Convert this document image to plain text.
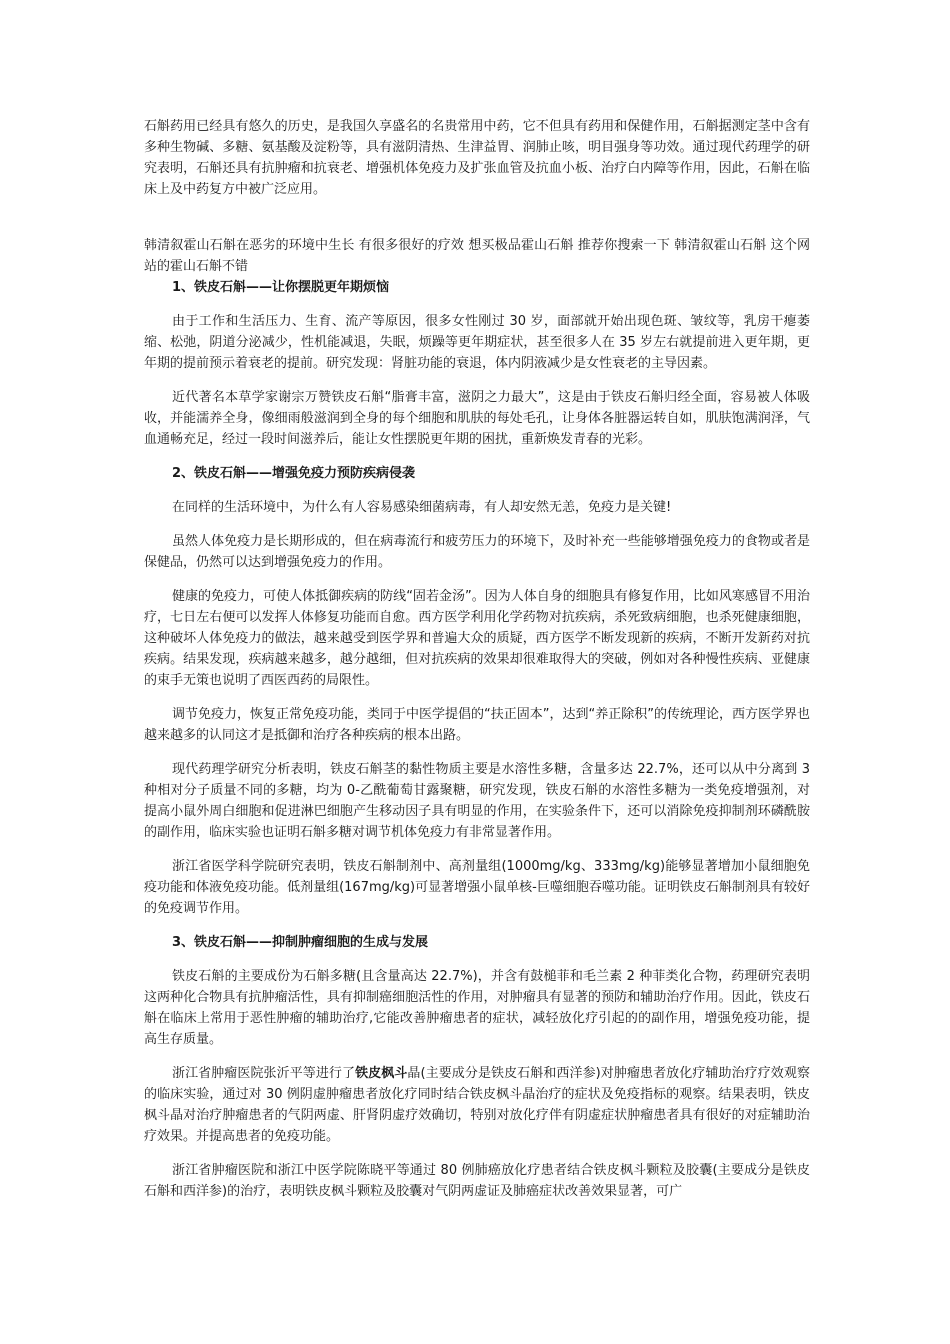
石斛药用已经具有悠久的历史，是我国久享盛名的名贵常用中药，它不但具有药用和保健作用，石斛据测定茎中含有多种生物碱、多糖、氨基酸及淀粉等，具有滋阴清热、生津益胃、润肺止咳，明目强身等功效。通过现代药理学的研究表明，石斛还具有抗肿瘤和抗衰老、增强机体免疫力及扩张血管及抗血小板、治疗白内障等作用，因此，石斛在临床上及中药复方中被广泛应用。

韩清叙霍山石斛在恶劣的环境中生长 有很多很好的疗效 想买极品霍山石斛 推荐你搜索一下 韩清叙霍山石斛 这个网站的霍山石斛不错

1、铁皮石斛——让你摆脱更年期烦恼

由于工作和生活压力、生育、流产等原因，很多女性刚过 30 岁，面部就开始出现色斑、皱纹等，乳房干瘪萎缩、松弛，阴道分泌减少，性机能减退，失眠，烦躁等更年期症状，甚至很多人在 35 岁左右就提前进入更年期，更年期的提前预示着衰老的提前。研究发现：肾脏功能的衰退，体内阴液减少是女性衰老的主导因素。

近代著名本草学家谢宗万赞铁皮石斛“脂膏丰富，滋阴之力最大”，这是由于铁皮石斛归经全面，容易被人体吸收，并能濡养全身，像细雨般滋润到全身的每个细胞和肌肤的每处毛孔，让身体各脏器运转自如，肌肤饱满润泽，气血通畅充足，经过一段时间滋养后，能让女性摆脱更年期的困扰，重新焕发青春的光彩。

2、铁皮石斛——增强免疫力预防疾病侵袭

在同样的生活环境中，为什么有人容易感染细菌病毒，有人却安然无恙，免疫力是关键!

虽然人体免疫力是长期形成的，但在病毒流行和疲劳压力的环境下，及时补充一些能够增强免疫力的食物或者是保健品，仍然可以达到增强免疫力的作用。

健康的免疫力，可使人体抵御疾病的防线“固若金汤”。因为人体自身的细胞具有修复作用，比如风寒感冒不用治疗，七日左右便可以发挥人体修复功能而自愈。西方医学利用化学药物对抗疾病，杀死致病细胞，也杀死健康细胞，这种破坏人体免疫力的做法，越来越受到医学界和普遍大众的质疑，西方医学不断发现新的疾病，不断开发新药对抗疾病。结果发现，疾病越来越多，越分越细，但对抗疾病的效果却很难取得大的突破，例如对各种慢性疾病、亚健康的束手无策也说明了西医西药的局限性。

调节免疫力，恢复正常免疫功能，类同于中医学提倡的“扶正固本”，达到“养正除积”的传统理论，西方医学界也越来越多的认同这才是抵御和治疗各种疾病的根本出路。

现代药理学研究分析表明，铁皮石斛茎的黏性物质主要是水溶性多糖，含量多达 22.7%，还可以从中分离到 3 种相对分子质量不同的多糖，均为 0-乙酰葡萄甘露聚糖，研究发现，铁皮石斛的水溶性多糖为一类免疫增强剂，对提高小鼠外周白细胞和促进淋巴细胞产生移动因子具有明显的作用，在实验条件下，还可以消除免疫抑制剂环磷酰胺的副作用，临床实验也证明石斛多糖对调节机体免疫力有非常显著作用。

浙江省医学科学院研究表明，铁皮石斛制剂中、高剂量组(1000mg/kg、333mg/kg)能够显著增加小鼠细胞免疫功能和体液免疫功能。低剂量组(167mg/kg)可显著增强小鼠单核-巨噬细胞吞噬功能。证明铁皮石斛制剂具有较好的免疫调节作用。

3、铁皮石斛——抑制肿瘤细胞的生成与发展

铁皮石斛的主要成份为石斛多糖(且含量高达 22.7%)，并含有鼓槌菲和毛兰素 2 种菲类化合物，药理研究表明这两种化合物具有抗肿瘤活性，具有抑制癌细胞活性的作用，对肿瘤具有显著的预防和辅助治疗作用。因此，铁皮石斛在临床上常用于恶性肿瘤的辅助治疗,它能改善肿瘤患者的症状，减轻放化疗引起的的副作用，增强免疫功能，提高生存质量。

浙江省肿瘤医院张沂平等进行了铁皮枫斗晶(主要成分是铁皮石斛和西洋参)对肿瘤患者放化疗辅助治疗疗效观察的临床实验，通过对 30 例阴虚肿瘤患者放化疗同时结合铁皮枫斗晶治疗的症状及免疫指标的观察。结果表明，铁皮枫斗晶对治疗肿瘤患者的气阴两虚、肝肾阴虚疗效确切，特别对放化疗伴有阴虚症状肿瘤患者具有很好的对症辅助治疗效果。并提高患者的免疫功能。

浙江省肿瘤医院和浙江中医学院陈晓平等通过 80 例肺癌放化疗患者结合铁皮枫斗颗粒及胶囊(主要成分是铁皮石斛和西洋参)的治疗，表明铁皮枫斗颗粒及胶囊对气阴两虚证及肺癌症状改善效果显著，可广
